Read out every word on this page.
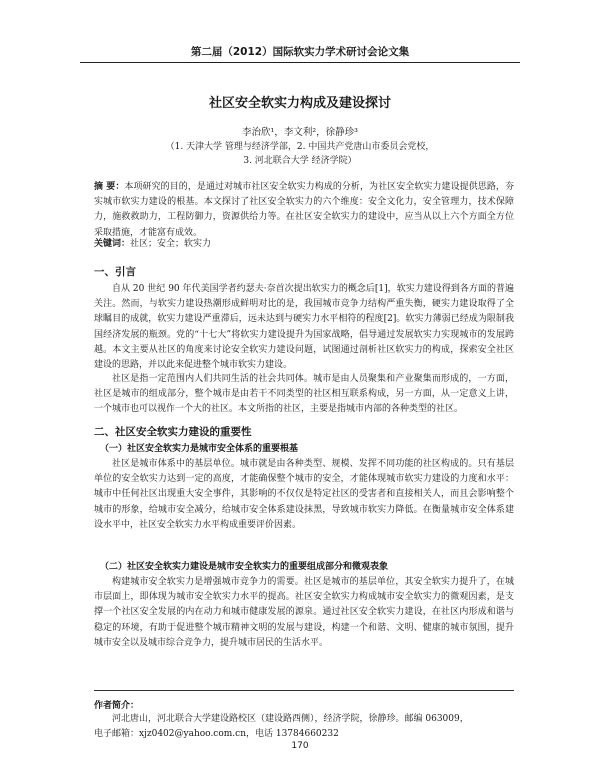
第二届（2012）国际软实力学术研讨会论文集
社区安全软实力构成及建设探讨
李治欣¹，李文利²，徐静珍³
（1. 天津大学 管理与经济学部，2. 中国共产党唐山市委员会党校，
3. 河北联合大学 经济学院）
摘 要：本项研究的目的，是通过对城市社区安全软实力构成的分析，为社区安全软实力建设提供思路，夯实城市软实力建设的根基。本文探讨了社区安全软实力的六个维度：安全文化力，安全管理力，技术保障力，施救救助力，工程防御力，资源供给力等。在社区安全软实力的建设中，应当从以上六个方面全方位采取措施，才能富有成效。
关键词：社区；安全；软实力
一、引言
自从 20 世纪 90 年代美国学者约瑟夫·奈首次提出软实力的概念后[1]，软实力建设得到各方面的普遍关注。然而，与软实力建设热潮形成鲜明对比的是，我国城市竞争力结构严重失衡，硬实力建设取得了全球瞩目的成就，软实力建设严重滞后，远未达到与硬实力水平相符的程度[2]。软实力薄弱已经成为限制我国经济发展的瓶颈。党的“十七大”将软实力建设提升为国家战略，倡导通过发展软实力实现城市的发展跨越。本文主要从社区的角度来讨论安全软实力建设问题，试图通过剖析社区软实力的构成，探索安全社区建设的思路，并以此来促进整个城市软实力建设。
社区是指一定范围内人们共同生活的社会共同体。城市是由人员聚集和产业聚集而形成的，一方面，社区是城市的组成部分，整个城市是由若干不同类型的社区相互联系构成，另一方面，从一定意义上讲，一个城市也可以视作一个大的社区。本文所指的社区，主要是指城市内部的各种类型的社区。
二、社区安全软实力建设的重要性
（一）社区安全软实力是城市安全体系的重要根基
社区是城市体系中的基层单位。城市就是由各种类型、规模、发挥不同功能的社区构成的。只有基层单位的安全软实力达到一定的高度，才能确保整个城市的安全，才能体现城市软实力建设的力度和水平：城市中任何社区出现重大安全事件，其影响的不仅仅是特定社区的受害者和直接相关人，而且会影响整个城市的形象，给城市安全减分，给城市安全体系建设抹黑，导致城市软实力降低。在衡量城市安全体系建设水平中，社区安全软实力水平构成重要评价因素。
（二）社区安全软实力建设是城市安全软实力的重要组成部分和微观表象
构建城市安全软实力是增强城市竞争力的需要。社区是城市的基层单位，其安全软实力提升了，在城市层面上，即体现为城市安全软实力水平的提高。社区安全软实力构成城市安全软实力的微观因素，是支撑一个社区安全发展的内在动力和城市健康发展的源泉。通过社区安全软实力建设，在社区内形成和谐与稳定的环境，有助于促进整个城市精神文明的发展与建设，构建一个和谐、文明、健康的城市氛围，提升城市安全以及城市综合竞争力，提升城市居民的生活水平。
作者简介：
河北唐山，河北联合大学建设路校区（建设路西侧），经济学院，徐静珍。邮编 063009，
电子邮箱：xjz0402@yahoo.com.cn，电话 13784660232
170
